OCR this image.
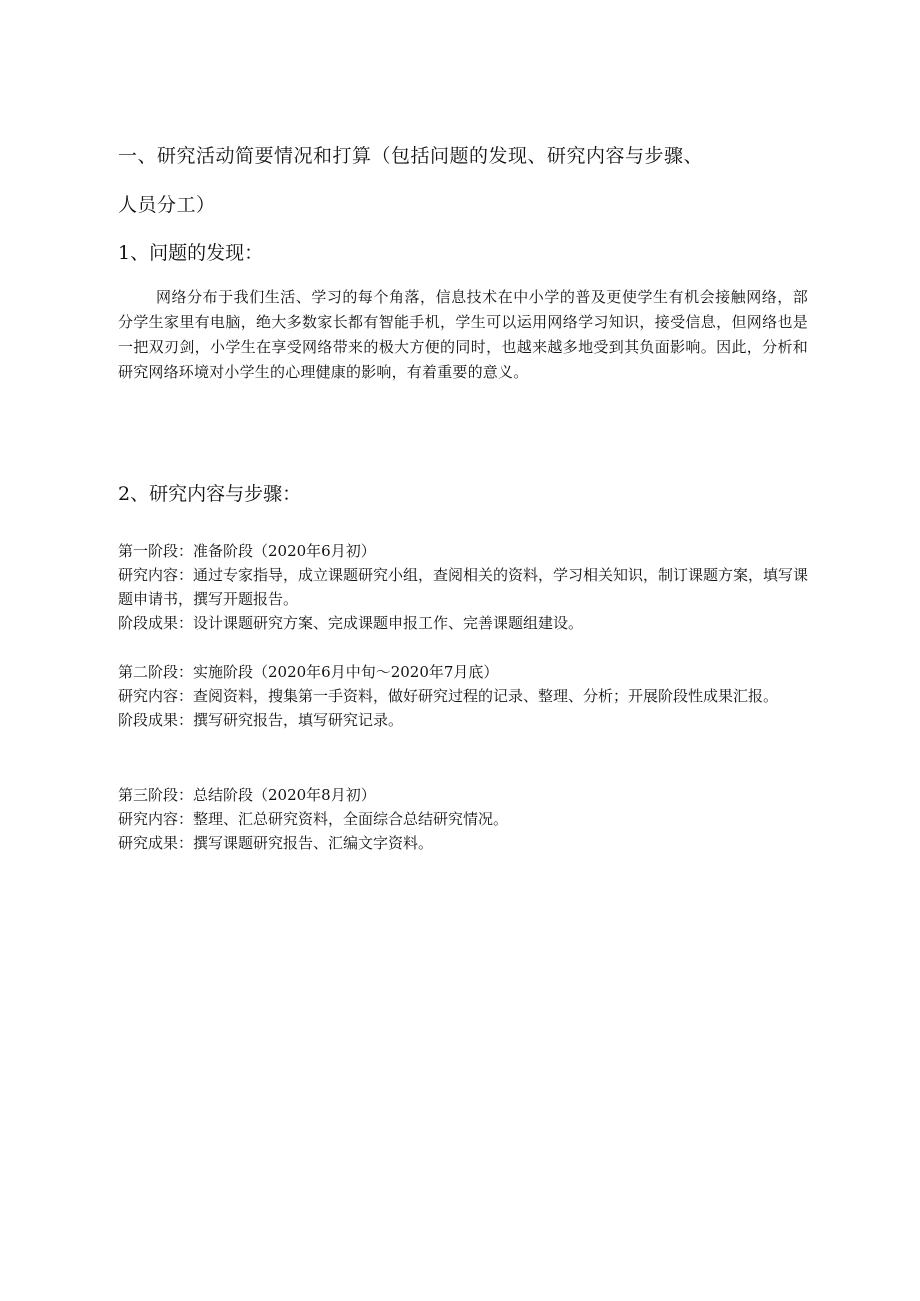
一、研究活动简要情况和打算（包括问题的发现、研究内容与步骤、
人员分工）
1、问题的发现：

网络分布于我们生活、学习的每个角落，信息技术在中小学的普及更使学生有机会接触网络，部分学生家里有电脑，绝大多数家长都有智能手机，学生可以运用网络学习知识，接受信息，但网络也是一把双刃剑，小学生在享受网络带来的极大方便的同时，也越来越多地受到其负面影响。因此，分析和研究网络环境对小学生的心理健康的影响，有着重要的意义。

2、研究内容与步骤：

第一阶段：准备阶段（2020年6月初）

研究内容：通过专家指导，成立课题研究小组，查阅相关的资料，学习相关知识，制订课题方案，填写课题申请书，撰写开题报告。

阶段成果：设计课题研究方案、完成课题申报工作、完善课题组建设。

第二阶段：实施阶段（2020年6月中旬～2020年7月底）

研究内容：查阅资料，搜集第一手资料，做好研究过程的记录、整理、分析；开展阶段性成果汇报。

阶段成果：撰写研究报告，填写研究记录。

第三阶段：总结阶段（2020年8月初）

研究内容：整理、汇总研究资料，全面综合总结研究情况。

研究成果：撰写课题研究报告、汇编文字资料。
